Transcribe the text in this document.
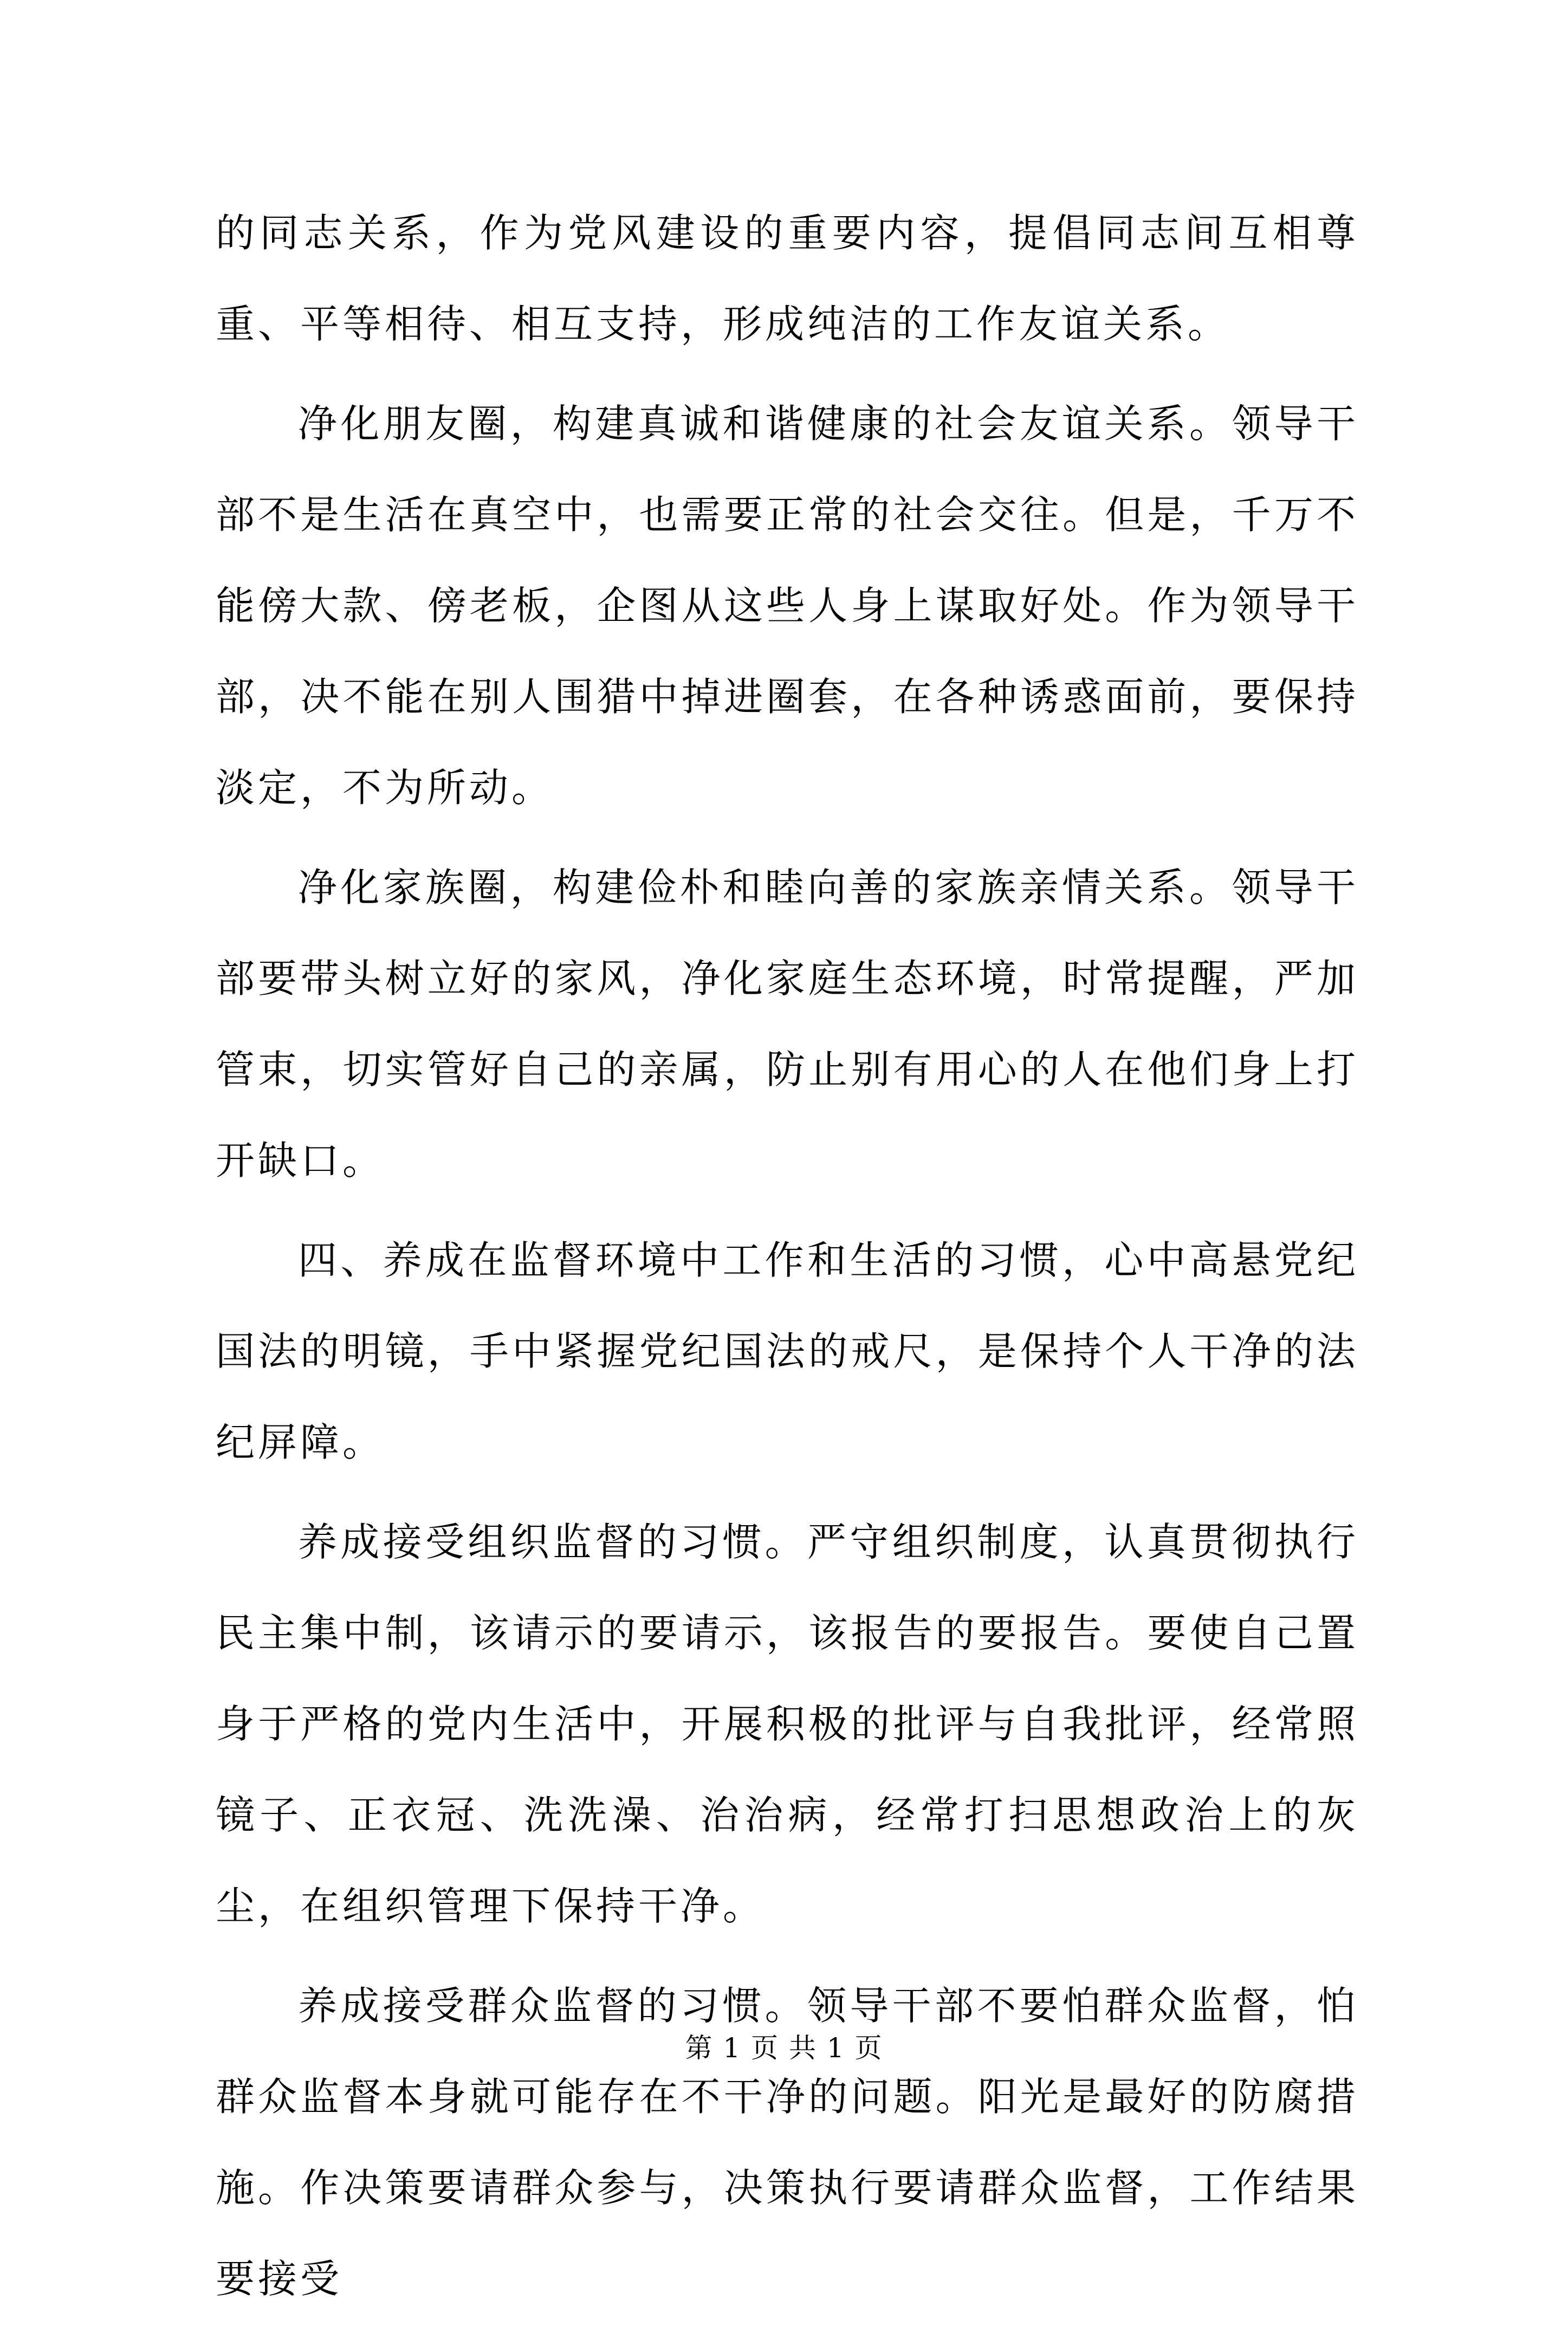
的同志关系，作为党风建设的重要内容，提倡同志间互相尊重、平等相待、相互支持，形成纯洁的工作友谊关系。

净化朋友圈，构建真诚和谐健康的社会友谊关系。领导干部不是生活在真空中，也需要正常的社会交往。但是，千万不能傍大款、傍老板，企图从这些人身上谋取好处。作为领导干部，决不能在别人围猎中掉进圈套，在各种诱惑面前，要保持淡定，不为所动。

净化家族圈，构建俭朴和睦向善的家族亲情关系。领导干部要带头树立好的家风，净化家庭生态环境，时常提醒，严加管束，切实管好自己的亲属，防止别有用心的人在他们身上打开缺口。

四、养成在监督环境中工作和生活的习惯，心中高悬党纪国法的明镜，手中紧握党纪国法的戒尺，是保持个人干净的法纪屏障。

养成接受组织监督的习惯。严守组织制度，认真贯彻执行民主集中制，该请示的要请示，该报告的要报告。要使自己置身于严格的党内生活中，开展积极的批评与自我批评，经常照镜子、正衣冠、洗洗澡、治治病，经常打扫思想政治上的灰尘，在组织管理下保持干净。

养成接受群众监督的习惯。领导干部不要怕群众监督，怕群众监督本身就可能存在不干净的问题。阳光是最好的防腐措施。作决策要请群众参与，决策执行要请群众监督，工作结果要接受

第 1 页 共 1 页
